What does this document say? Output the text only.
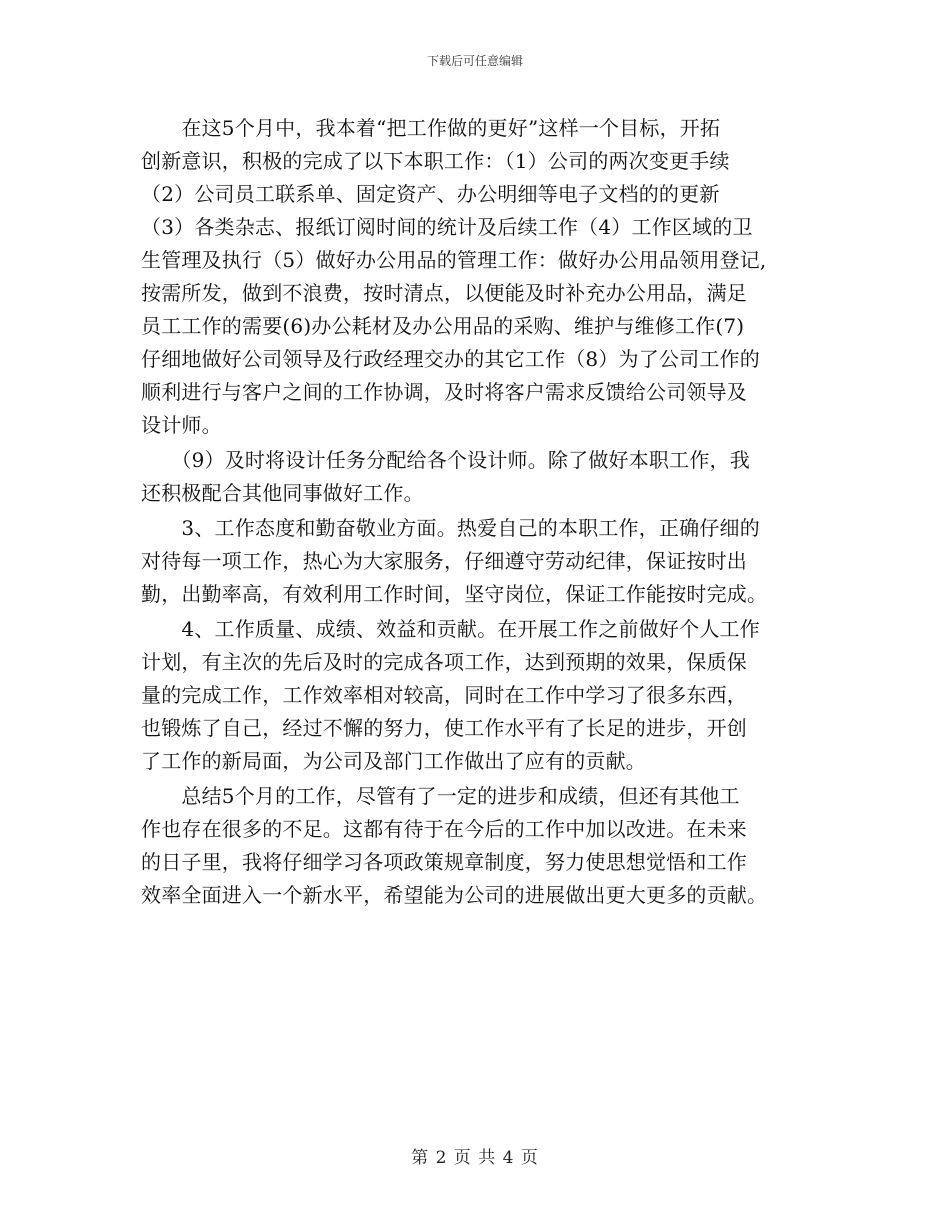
下载后可任意编辑
　　在这5个月中，我本着“把工作做的更好”这样一个目标，开拓
创新意识，积极的完成了以下本职工作：（1）公司的两次变更手续
（2）公司员工联系单、固定资产、办公明细等电子文档的的更新
（3）各类杂志、报纸订阅时间的统计及后续工作（4）工作区域的卫
生管理及执行（5）做好办公用品的管理工作：做好办公用品领用登记,
按需所发，做到不浪费，按时清点，以便能及时补充办公用品，满足
员工工作的需要(6)办公耗材及办公用品的采购、维护与维修工作(7)
仔细地做好公司领导及行政经理交办的其它工作（8）为了公司工作的
顺利进行与客户之间的工作协调，及时将客户需求反馈给公司领导及
设计师。
　　（9）及时将设计任务分配给各个设计师。除了做好本职工作，我
还积极配合其他同事做好工作。
　　3、工作态度和勤奋敬业方面。热爱自己的本职工作，正确仔细的
对待每一项工作，热心为大家服务，仔细遵守劳动纪律，保证按时出
勤，出勤率高，有效利用工作时间，坚守岗位，保证工作能按时完成。
　　4、工作质量、成绩、效益和贡献。在开展工作之前做好个人工作
计划，有主次的先后及时的完成各项工作，达到预期的效果，保质保
量的完成工作，工作效率相对较高，同时在工作中学习了很多东西，
也锻炼了自己，经过不懈的努力，使工作水平有了长足的进步，开创
了工作的新局面，为公司及部门工作做出了应有的贡献。
　　总结5个月的工作，尽管有了一定的进步和成绩，但还有其他工
作也存在很多的不足。这都有待于在今后的工作中加以改进。在未来
的日子里，我将仔细学习各项政策规章制度，努力使思想觉悟和工作
效率全面进入一个新水平，希望能为公司的进展做出更大更多的贡献。
第 2 页 共 4 页
